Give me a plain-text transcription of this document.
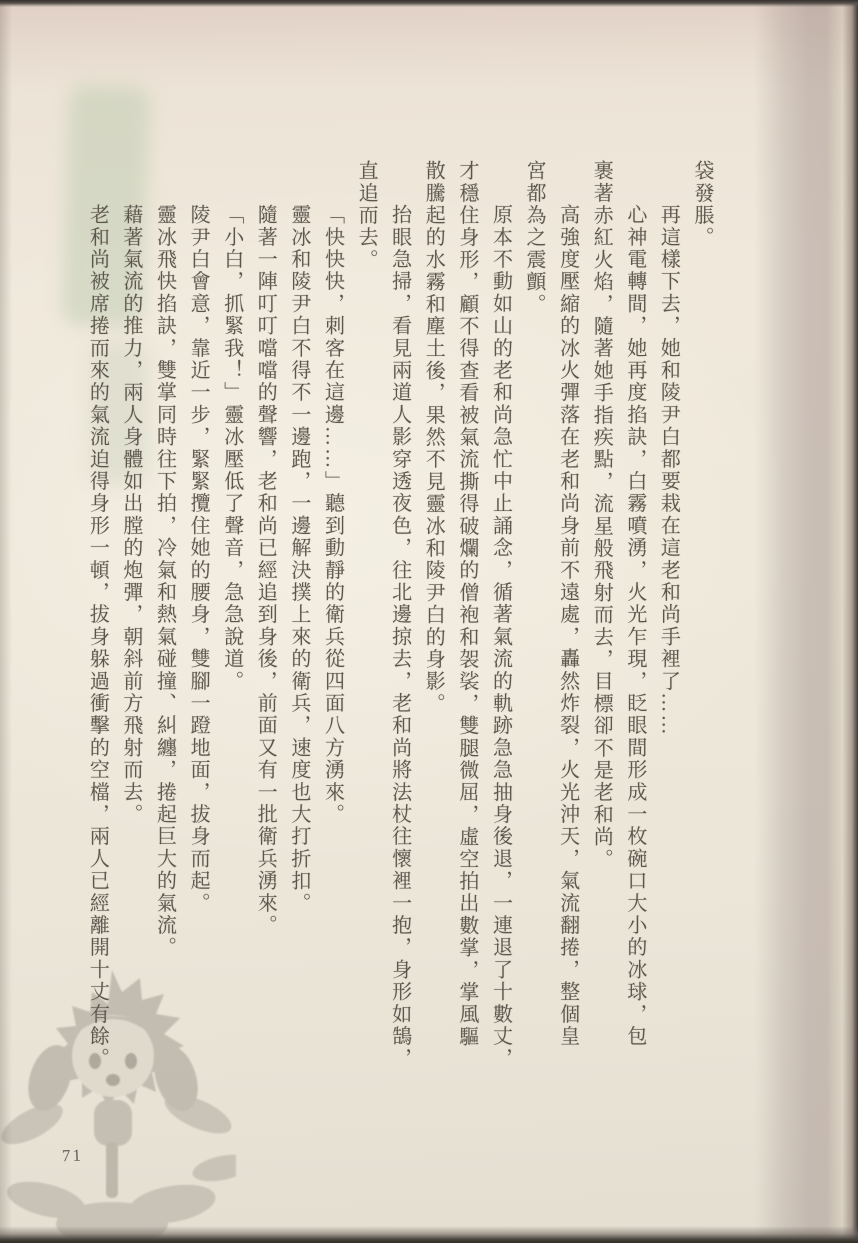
袋發脹。
再這樣下去，她和陵尹白都要栽在這老和尚手裡了……
心神電轉間，她再度掐訣，白霧噴湧，火光乍現，眨眼間形成一枚碗口大小的冰球，包
裹著赤紅火焰，隨著她手指疾點，流星般飛射而去，目標卻不是老和尚。
高強度壓縮的冰火彈落在老和尚身前不遠處，轟然炸裂，火光沖天，氣流翻捲，整個皇
宮都為之震顫。
原本不動如山的老和尚急忙中止誦念，循著氣流的軌跡急急抽身後退，一連退了十數丈，
才穩住身形，顧不得查看被氣流撕得破爛的僧袍和袈裟，雙腿微屈，虛空拍出數掌，掌風驅
散騰起的水霧和塵土後，果然不見靈冰和陵尹白的身影。
抬眼急掃，看見兩道人影穿透夜色，往北邊掠去，老和尚將法杖往懷裡一抱，身形如鵠，
直追而去。
「快快快，刺客在這邊……」聽到動靜的衛兵從四面八方湧來。
靈冰和陵尹白不得不一邊跑，一邊解決撲上來的衛兵，速度也大打折扣。
隨著一陣叮叮噹噹的聲響，老和尚已經追到身後，前面又有一批衛兵湧來。
「小白，抓緊我！」靈冰壓低了聲音，急急說道。
陵尹白會意，靠近一步，緊緊攬住她的腰身，雙腳一蹬地面，拔身而起。
靈冰飛快掐訣，雙掌同時往下拍，冷氣和熱氣碰撞、糾纏，捲起巨大的氣流。
藉著氣流的推力，兩人身體如出膛的炮彈，朝斜前方飛射而去。
老和尚被席捲而來的氣流迫得身形一頓，拔身躲過衝擊的空檔，兩人已經離開十丈有餘。
71
